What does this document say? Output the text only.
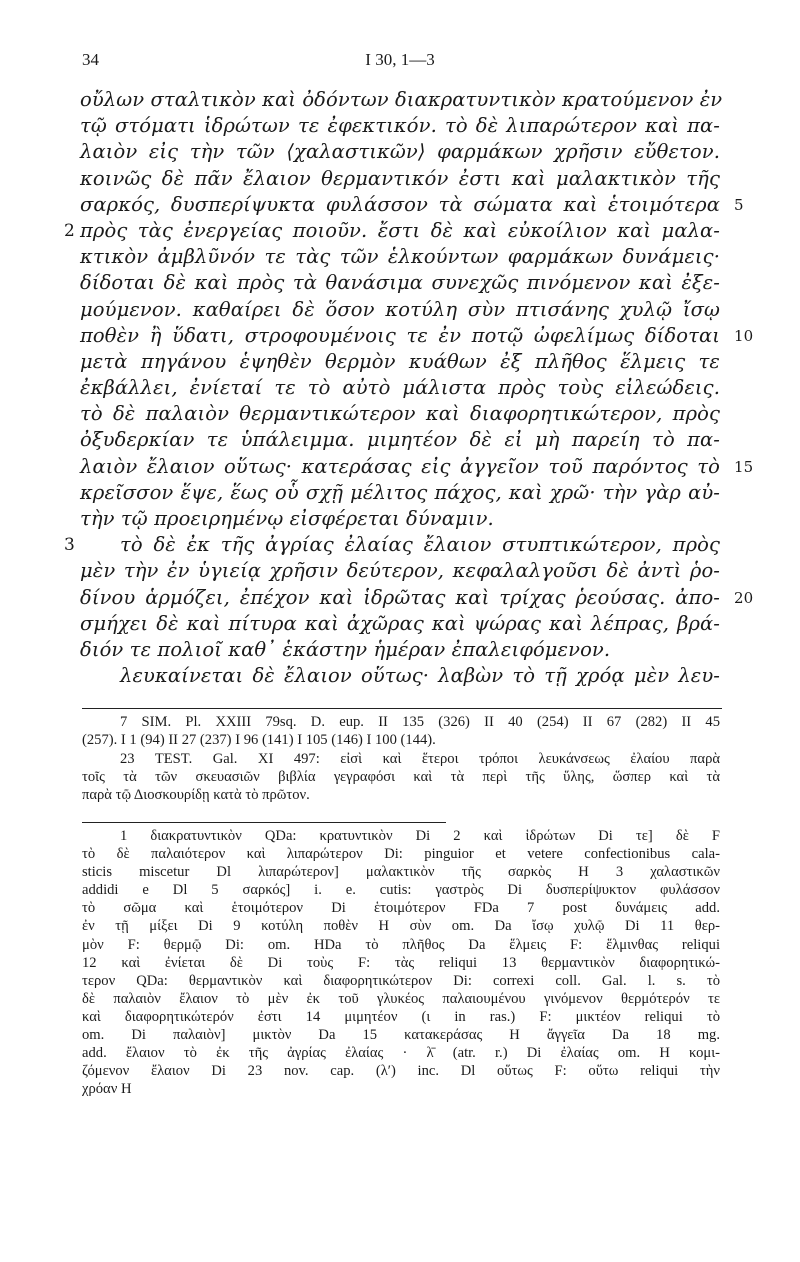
34	I 30, 1—3
οὔλων σταλτικὸν καὶ ὀδόντων διακρατυντικὸν κρατούμενον ἐν
τῷ στόματι ἱδρώτων τε ἐφεκτικόν. τὸ δὲ λιπαρώτερον καὶ πα-
λαιὸν εἰς τὴν τῶν ⟨χαλαστικῶν⟩ φαρμάκων χρῆσιν εὔθετον.
κοινῶς δὲ πᾶν ἔλαιον θερμαντικόν ἐστι καὶ μαλακτικὸν τῆς
σαρκός, δυσπερίψυκτα φυλάσσον τὰ σώματα καὶ ἑτοιμότερα 5
πρὸς τὰς ἐνεργείας ποιοῦν. ἔστι δὲ καὶ εὐκοίλιον καὶ μαλα-
2
κτικὸν ἀμβλῦνόν τε τὰς τῶν ἑλκούντων φαρμάκων δυνάμεις·
δίδοται δὲ καὶ πρὸς τὰ θανάσιμα συνεχῶς πινόμενον καὶ ἐξε-
μούμενον. καθαίρει δὲ ὅσον κοτύλη σὺν πτισάνης χυλῷ ἴσῳ
ποθὲν ἢ ὕδατι, στροφουμένοις τε ἐν ποτῷ ὠφελίμως δίδοται 10
μετὰ πηγάνου ἑψηθὲν θερμὸν κυάθων ἐξ πλῆθος ἕλμεις τε
ἐκβάλλει, ἐνίεταί τε τὸ αὐτὸ μάλιστα πρὸς τοὺς εἰλεώδεις.
τὸ δὲ παλαιὸν θερμαντικώτερον καὶ διαφορητικώτερον, πρὸς
ὀξυδερκίαν τε ὑπάλειμμα. μιμητέον δὲ εἰ μὴ παρείη τὸ πα-
λαιὸν ἔλαιον οὕτως· κατεράσας εἰς ἀγγεῖον τοῦ παρόντος τὸ 15
κρεῖσσον ἕψε, ἕως οὗ σχῇ μέλιτος πάχος, καὶ χρῶ· τὴν γὰρ αὐ-
τὴν τῷ προειρημένῳ εἰσφέρεται δύναμιν.
τὸ δὲ ἐκ τῆς ἀγρίας ἐλαίας ἔλαιον στυπτικώτερον, πρὸς
3
μὲν τὴν ἐν ὑγιείᾳ χρῆσιν δεύτερον, κεφαλαλγοῦσι δὲ ἀντὶ ῥο-
δίνου ἁρμόζει, ἐπέχον καὶ ἱδρῶτας καὶ τρίχας ῥεούσας. ἀπο- 20
σμήχει δὲ καὶ πίτυρα καὶ ἀχῶρας καὶ ψώρας καὶ λέπρας, βρά-
διόν τε πολιοῖ καθ᾿ ἑκάστην ἡμέραν ἐπαλειφόμενον.
λευκαίνεται δὲ ἔλαιον οὕτως· λαβὼν τὸ τῇ χρόᾳ μὲν λευ-
7 SIM. Pl. XXIII 79sq. D. eup. II 135 (326) II 40 (254) II 67 (282) II 45
(257). I 1 (94) II 27 (237) I 96 (141) I 105 (146) I 100 (144).
23 TEST. Gal. XI 497: εἰσὶ καὶ ἕτεροι τρόποι λευκάνσεως ἐλαίου παρὰ
τοῖς τὰ τῶν σκευασιῶν βιβλία γεγραφόσι καὶ τὰ περὶ τῆς ὕλης, ὥσπερ καὶ τὰ
παρὰ τῷ Διοσκουρίδῃ κατὰ τὸ πρῶτον.
1 διακρατυντικὸν QDa: κρατυντικὸν Di 2 καὶ ἱδρώτων Di τε] δὲ F
τὸ δὲ παλαιότερον καὶ λιπαρώτερον Di: pinguior et vetere confectionibus cala-
sticis miscetur Dl λιπαρώτερον] μαλακτικὸν τῆς σαρκὸς H 3 χαλαστικῶν
addidi e Dl 5 σαρκός] i. e. cutis: γαστρὸς Di δυσπερίψυκτον φυλάσσον
τὸ σῶμα καὶ ἑτοιμότερον Di ἑτοιμότερον FDa 7 post δυνάμεις add.
ἐν τῇ μίξει Di 9 κοτύλη ποθὲν H σὺν om. Da ἴσῳ χυλῷ Di 11 θερ-
μὸν F: θερμῷ Di: om. HDa τὸ πλῆθος Da ἕλμεις F: ἕλμινθας reliqui
12 καὶ ἐνίεται δὲ Di τοὺς F: τὰς reliqui 13 θερμαντικὸν διαφορητικώ-
τερον QDa: θερμαντικὸν καὶ διαφορητικώτερον Di: correxi coll. Gal. l. s. τὸ
δὲ παλαιὸν ἔλαιον τὸ μὲν ἐκ τοῦ γλυκέος παλαιουμένου γινόμενον θερμότερόν τε
καὶ διαφορητικώτερόν ἐστι 14 μιμητέον (ι in ras.) F: μικτέον reliqui τὸ
om. Di παλαιὸν] μικτὸν Da 15 κατακεράσας H ἄγγεῖα Da 18 mg.
add. ἔλαιον τὸ ἐκ τῆς ἀγρίας ἐλαίας · λ̄ (atr. r.) Di ἐλαίας om. H κομι-
ζόμενον ἔλαιον Di 23 nov. cap. (λ′) inc. Dl οὕτως F: οὕτω reliqui τὴν
χρόαν H
